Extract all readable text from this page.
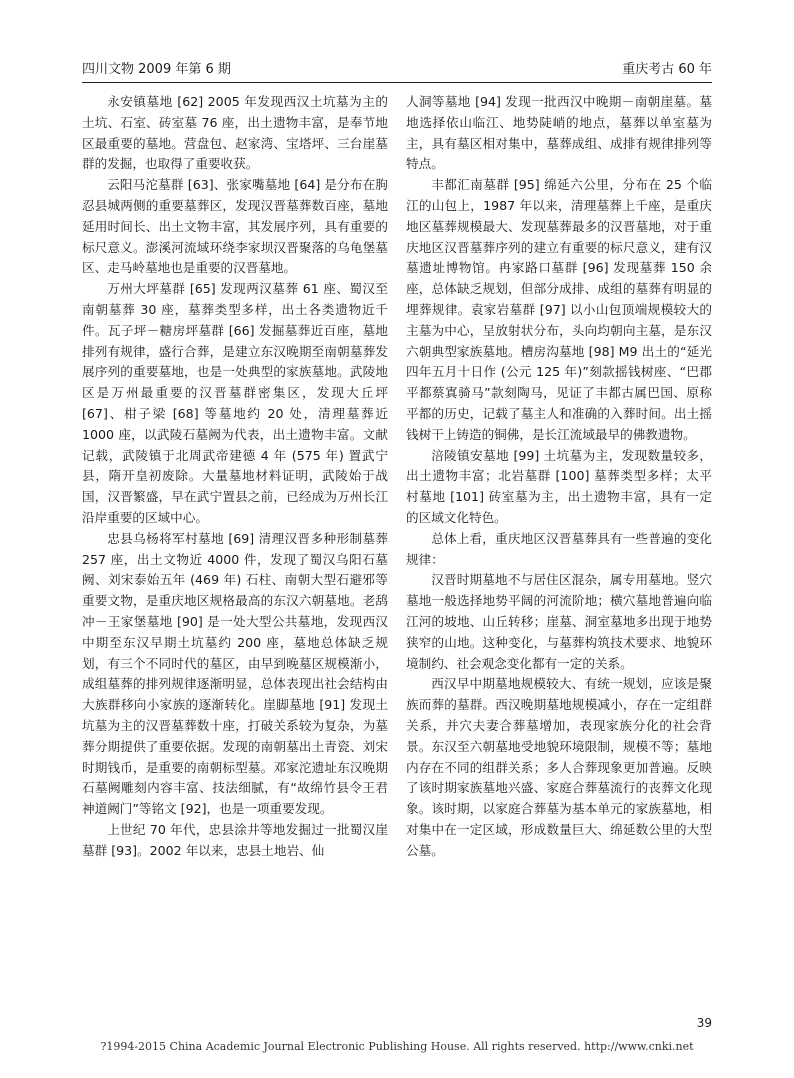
四川文物 2009 年第 6 期	重庆考古 60 年

永安镇墓地 [62] 2005 年发现西汉土坑墓为主的土坑、石室、砖室墓 76 座，出土遗物丰富，是奉节地区最重要的墓地。营盘包、赵家湾、宝塔坪、三台崖墓群的发掘，也取得了重要收获。

云阳马沱墓群 [63]、张家嘴墓地 [64] 是分布在朐忍县城两侧的重要墓葬区，发现汉晋墓葬数百座，墓地延用时间长、出土文物丰富，其发展序列，具有重要的标尺意义。澎溪河流域环绕李家坝汉晋聚落的乌龟堡墓区、走马岭墓地也是重要的汉晋墓地。

万州大坪墓群 [65] 发现两汉墓葬 61 座、蜀汉至南朝墓葬 30 座，墓葬类型多样，出土各类遗物近千件。瓦子坪－糖房坪墓群 [66] 发掘墓葬近百座，墓地排列有规律，盛行合葬，是建立东汉晚期至南朝墓葬发展序列的重要墓地，也是一处典型的家族墓地。武陵地区是万州最重要的汉晋墓群密集区，发现大丘坪 [67]、柑子梁 [68] 等墓地约 20 处，清理墓葬近 1000 座，以武陵石墓阙为代表，出土遗物丰富。文献记载，武陵镇于北周武帝建德 4 年 (575 年) 置武宁县，隋开皇初废除。大量墓地材料证明，武陵始于战国，汉晋繁盛，早在武宁置县之前，已经成为万州长江沿岸重要的区域中心。

忠县乌杨将军村墓地 [69] 清理汉晋多种形制墓葬 257 座，出土文物近 4000 件，发现了蜀汉乌阳石墓阙、刘宋泰始五年 (469 年) 石柱、南朝大型石避邪等重要文物，是重庆地区规格最高的东汉六朝墓地。老鸹冲－王家堡墓地 [90] 是一处大型公共墓地，发现西汉中期至东汉早期土坑墓约 200 座，墓地总体缺乏规划，有三个不同时代的墓区，由早到晚墓区规模渐小，成组墓葬的排列规律逐渐明显，总体表现出社会结构由大族群移向小家族的逐渐转化。崖脚墓地 [91] 发现土坑墓为主的汉晋墓葬数十座，打破关系较为复杂，为墓葬分期提供了重要依据。发现的南朝墓出土青瓷、刘宋时期钱币，是重要的南朝标型墓。邓家沱遗址东汉晚期石墓阙雕刻内容丰富、技法细腻，有“故绵竹县令王君神道阙门”等铭文 [92]，也是一项重要发现。

上世纪 70 年代，忠县涂井等地发掘过一批蜀汉崖墓群 [93]。2002 年以来，忠县土地岩、仙

人洞等墓地 [94] 发现一批西汉中晚期－南朝崖墓。墓地选择依山临江、地势陡峭的地点，墓葬以单室墓为主，具有墓区相对集中，墓葬成组、成排有规律排列等特点。

丰都汇南墓群 [95] 绵延六公里，分布在 25 个临江的山包上，1987 年以来，清理墓葬上千座，是重庆地区墓葬规模最大、发现墓葬最多的汉晋墓地，对于重庆地区汉晋墓葬序列的建立有重要的标尺意义，建有汉墓遗址博物馆。冉家路口墓群 [96] 发现墓葬 150 余座，总体缺乏规划，但部分成排、成组的墓葬有明显的埋葬规律。袁家岩墓群 [97] 以小山包顶端规模较大的主墓为中心，呈放射状分布，头向均朝向主墓，是东汉六朝典型家族墓地。槽房沟墓地 [98] M9 出土的“延光四年五月十日作 (公元 125 年)”刻款摇钱树座、“巴郡平都蔡寘骑马”款刻陶马，见证了丰都古属巴国、原称平都的历史，记载了墓主人和准确的入葬时间。出土摇钱树干上铸造的铜佛，是长江流域最早的佛教遗物。

涪陵镇安墓地 [99] 土坑墓为主，发现数量较多，出土遗物丰富；北岩墓群 [100] 墓葬类型多样；太平村墓地 [101] 砖室墓为主，出土遗物丰富，具有一定的区域文化特色。

总体上看，重庆地区汉晋墓葬具有一些普遍的变化规律：

汉晋时期墓地不与居住区混杂，属专用墓地。竖穴墓地一般选择地势平阔的河流阶地；横穴墓地普遍向临江河的坡地、山丘转移；崖墓、洞室墓地多出现于地势狭窄的山地。这种变化，与墓葬构筑技术要求、地貌环境制约、社会观念变化都有一定的关系。

西汉早中期墓地规模较大、有统一规划，应该是聚族而葬的墓群。西汉晚期墓地规模减小，存在一定组群关系，并穴夫妻合葬墓增加，表现家族分化的社会背景。东汉至六朝墓地受地貌环境限制，规模不等；墓地内存在不同的组群关系；多人合葬现象更加普遍。反映了该时期家族墓地兴盛、家庭合葬墓流行的丧葬文化现象。该时期，以家庭合葬墓为基本单元的家族墓地，相对集中在一定区域，形成数量巨大、绵延数公里的大型公墓。

39
?1994-2015 China Academic Journal Electronic Publishing House. All rights reserved. http://www.cnki.net
